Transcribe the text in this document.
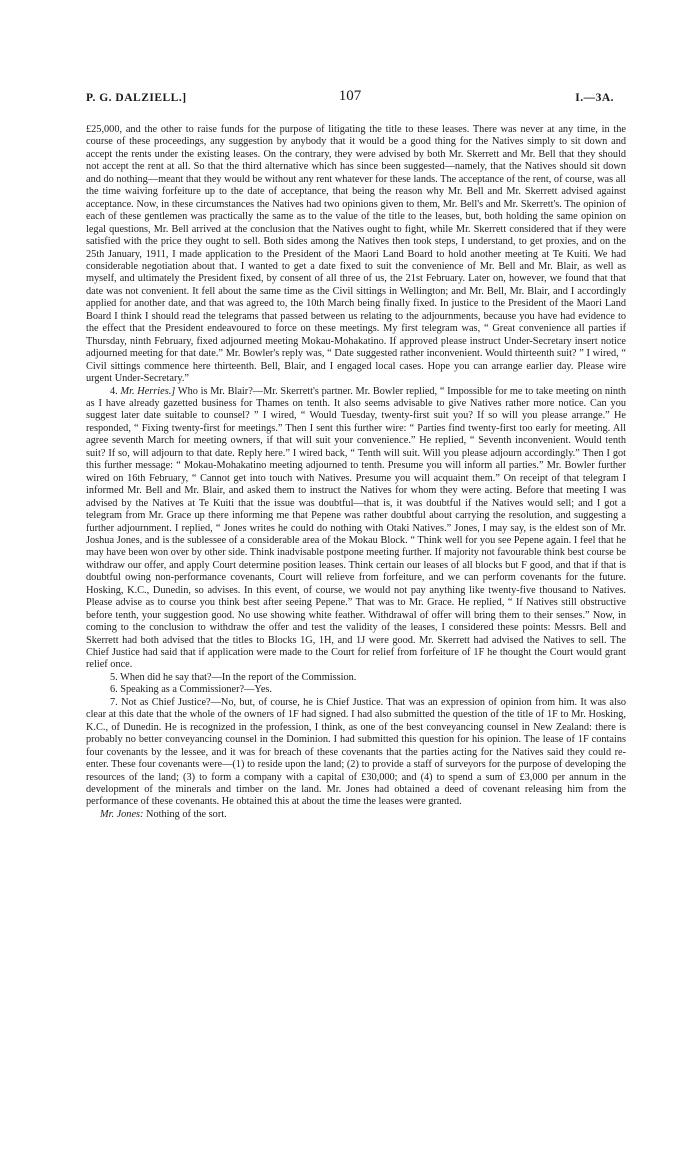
P. G. DALZIELL.]	107	I.—3A.

£25,000, and the other to raise funds for the purpose of litigating the title to these leases. There was never at any time, in the course of these proceedings, any suggestion by anybody that it would be a good thing for the Natives simply to sit down and accept the rents under the existing leases. On the contrary, they were advised by both Mr. Skerrett and Mr. Bell that they should not accept the rent at all. So that the third alternative which has since been suggested—namely, that the Natives should sit down and do nothing—meant that they would be without any rent whatever for these lands. The acceptance of the rent, of course, was all the time waiving forfeiture up to the date of acceptance, that being the reason why Mr. Bell and Mr. Skerrett advised against acceptance. Now, in these circumstances the Natives had two opinions given to them, Mr. Bell's and Mr. Skerrett's. The opinion of each of these gentlemen was practically the same as to the value of the title to the leases, but, both holding the same opinion on legal questions, Mr. Bell arrived at the conclusion that the Natives ought to fight, while Mr. Skerrett considered that if they were satisfied with the price they ought to sell. Both sides among the Natives then took steps, I understand, to get proxies, and on the 25th January, 1911, I made application to the President of the Maori Land Board to hold another meeting at Te Kuiti. We had considerable negotiation about that. I wanted to get a date fixed to suit the convenience of Mr. Bell and Mr. Blair, as well as myself, and ultimately the President fixed, by consent of all three of us, the 21st February. Later on, however, we found that that date was not convenient. It fell about the same time as the Civil sittings in Wellington; and Mr. Bell, Mr. Blair, and I accordingly applied for another date, and that was agreed to, the 10th March being finally fixed. In justice to the President of the Maori Land Board I think I should read the telegrams that passed between us relating to the adjournments, because you have had evidence to the effect that the President endeavoured to force on these meetings. My first telegram was, “ Great convenience all parties if Thursday, ninth February, fixed adjourned meeting Mokau-Mohakatino. If approved please instruct Under-Secretary insert notice adjourned meeting for that date.” Mr. Bowler's reply was, “ Date suggested rather inconvenient. Would thirteenth suit? ” I wired, “ Civil sittings commence here thirteenth. Bell, Blair, and I engaged local cases. Hope you can arrange earlier day. Please wire urgent Under-Secretary.”

4. Mr. Herries.] Who is Mr. Blair?—Mr. Skerrett's partner. Mr. Bowler replied, “ Impossible for me to take meeting on ninth as I have already gazetted business for Thames on tenth. It also seems advisable to give Natives rather more notice. Can you suggest later date suitable to counsel? ” I wired, “ Would Tuesday, twenty-first suit you? If so will you please arrange.” He responded, “ Fixing twenty-first for meetings.” Then I sent this further wire: “ Parties find twenty-first too early for meeting. All agree seventh March for meeting owners, if that will suit your convenience.” He replied, “ Seventh inconvenient. Would tenth suit? If so, will adjourn to that date. Reply here.” I wired back, “ Tenth will suit. Will you please adjourn accordingly.” Then I got this further message: “ Mokau-Mohakatino meeting adjourned to tenth. Presume you will inform all parties.” Mr. Bowler further wired on 16th February, “ Cannot get into touch with Natives. Presume you will acquaint them.” On receipt of that telegram I informed Mr. Bell and Mr. Blair, and asked them to instruct the Natives for whom they were acting. Before that meeting I was advised by the Natives at Te Kuiti that the issue was doubtful—that is, it was doubtful if the Natives would sell; and I got a telegram from Mr. Grace up there informing me that Pepene was rather doubtful about carrying the resolution, and suggesting a further adjournment. I replied, “ Jones writes he could do nothing with Otaki Natives.” Jones, I may say, is the eldest son of Mr. Joshua Jones, and is the sublessee of a considerable area of the Mokau Block. “ Think well for you see Pepene again. I feel that he may have been won over by other side. Think inadvisable postpone meeting further. If majority not favourable think best course be withdraw our offer, and apply Court determine position leases. Think certain our leases of all blocks but F good, and that if that is doubtful owing non-performance covenants, Court will relieve from forfeiture, and we can perform covenants for the future. Hosking, K.C., Dunedin, so advises. In this event, of course, we would not pay anything like twenty-five thousand to Natives. Please advise as to course you think best after seeing Pepene.” That was to Mr. Grace. He replied, “ If Natives still obstructive before tenth, your suggestion good. No use showing white feather. Withdrawal of offer will bring them to their senses.” Now, in coming to the conclusion to withdraw the offer and test the validity of the leases, I considered these points: Messrs. Bell and Skerrett had both advised that the titles to Blocks 1G, 1H, and 1J were good. Mr. Skerrett had advised the Natives to sell. The Chief Justice had said that if application were made to the Court for relief from forfeiture of 1F he thought the Court would grant relief once.

5. When did he say that?—In the report of the Commission.

6. Speaking as a Commissioner?—Yes.

7. Not as Chief Justice?—No, but, of course, he is Chief Justice. That was an expression of opinion from him. It was also clear at this date that the whole of the owners of 1F had signed. I had also submitted the question of the title of 1F to Mr. Hosking, K.C., of Dunedin. He is recognized in the profession, I think, as one of the best conveyancing counsel in New Zealand: there is probably no better conveyancing counsel in the Dominion. I had submitted this question for his opinion. The lease of 1F contains four covenants by the lessee, and it was for breach of these covenants that the parties acting for the Natives said they could re-enter. These four covenants were—(1) to reside upon the land; (2) to provide a staff of surveyors for the purpose of developing the resources of the land; (3) to form a company with a capital of £30,000; and (4) to spend a sum of £3,000 per annum in the development of the minerals and timber on the land. Mr. Jones had obtained a deed of covenant releasing him from the performance of these covenants. He obtained this at about the time the leases were granted.

Mr. Jones: Nothing of the sort.
